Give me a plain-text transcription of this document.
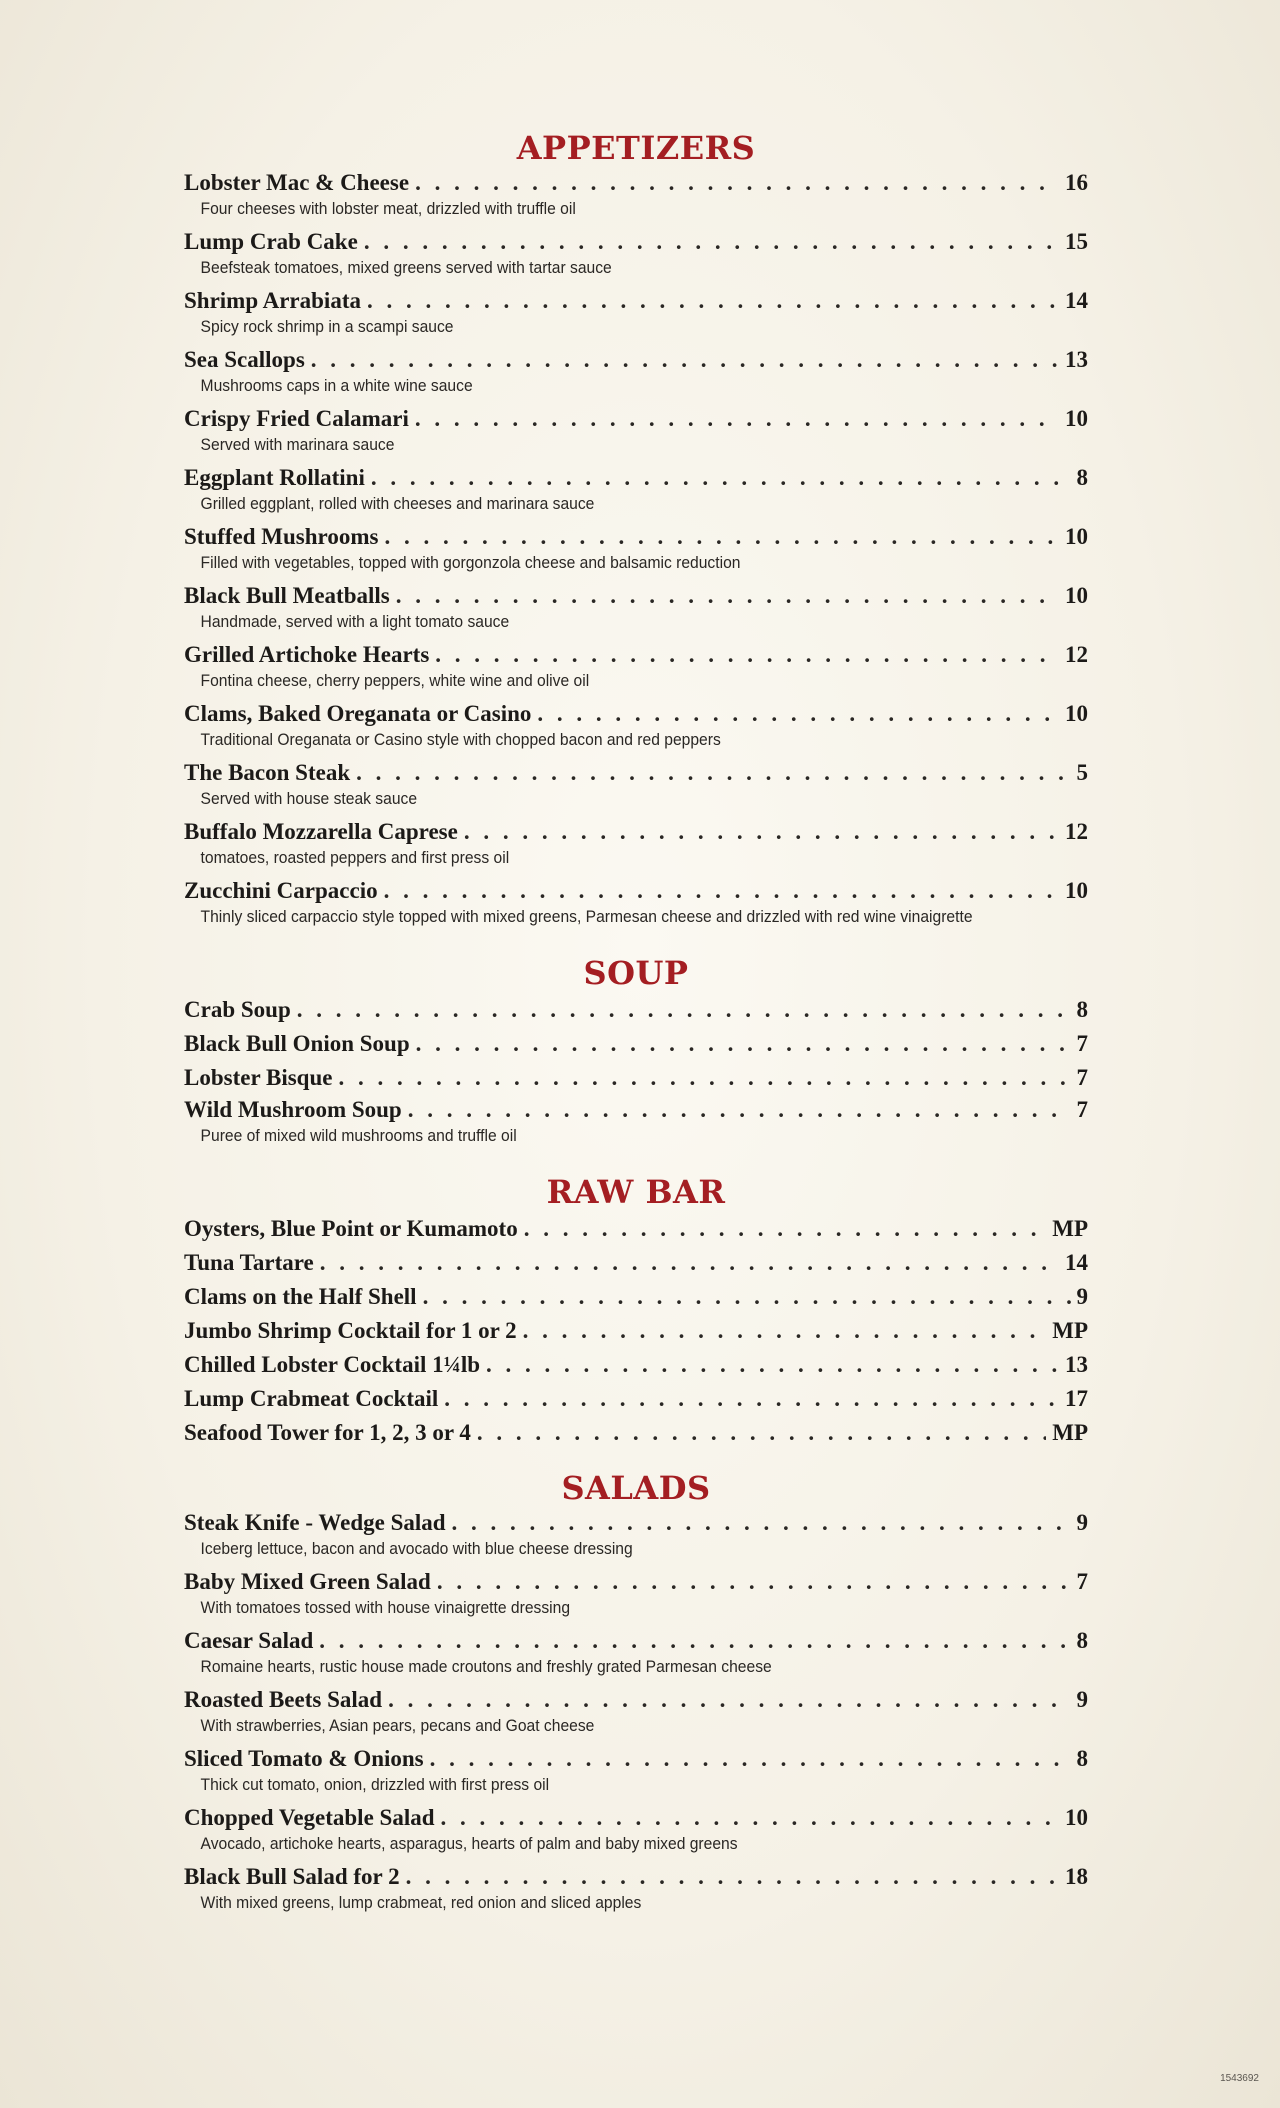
APPETIZERS
Lobster Mac & Cheese . . .	16
Four cheeses with lobster meat, drizzled with truffle oil
Lump Crab Cake . . .	15
Beefsteak tomatoes, mixed greens served with tartar sauce
Shrimp Arrabiata . . .	14
Spicy rock shrimp in a scampi sauce
Sea Scallops . . .	13
Mushrooms caps in a white wine sauce
Crispy Fried Calamari . . .	10
Served with marinara sauce
Eggplant Rollatini . . .	8
Grilled eggplant, rolled with cheeses and marinara sauce
Stuffed Mushrooms . . .	10
Filled with vegetables, topped with gorgonzola cheese and balsamic reduction
Black Bull Meatballs . . .	10
Handmade, served with a light tomato sauce
Grilled Artichoke Hearts . . .	12
Fontina cheese, cherry peppers, white wine and olive oil
Clams, Baked Oreganata or Casino . . .	10
Traditional Oreganata or Casino style with chopped bacon and red peppers
The Bacon Steak . . .	5
Served with house steak sauce
Buffalo Mozzarella Caprese . . .	12
tomatoes, roasted peppers and first press oil
Zucchini Carpaccio . . .	10
Thinly sliced carpaccio style topped with mixed greens, Parmesan cheese and drizzled with red wine vinaigrette
SOUP
Crab Soup . . .	8
Black Bull Onion Soup . . .	7
Lobster Bisque . . .	7
Wild Mushroom Soup . . .	7
Puree of mixed wild mushrooms and truffle oil
RAW BAR
Oysters, Blue Point or Kumamoto . . .	MP
Tuna Tartare . . .	14
Clams on the Half Shell . . .	9
Jumbo Shrimp Cocktail for 1 or 2 . . .	MP
Chilled Lobster Cocktail 1¼lb . . .	13
Lump Crabmeat Cocktail . . .	17
Seafood Tower for 1, 2, 3 or 4 . . .	MP
SALADS
Steak Knife - Wedge Salad . . .	9
Iceberg lettuce, bacon and avocado with blue cheese dressing
Baby Mixed Green Salad . . .	7
With tomatoes tossed with house vinaigrette dressing
Caesar Salad . . .	8
Romaine hearts, rustic house made croutons and freshly grated Parmesan cheese
Roasted Beets Salad . . .	9
With strawberries, Asian pears, pecans and Goat cheese
Sliced Tomato & Onions . . .	8
Thick cut tomato, onion, drizzled with first press oil
Chopped Vegetable Salad . . .	10
Avocado, artichoke hearts, asparagus, hearts of palm and baby mixed greens
Black Bull Salad for 2 . . .	18
With mixed greens, lump crabmeat, red onion and sliced apples
1543692
